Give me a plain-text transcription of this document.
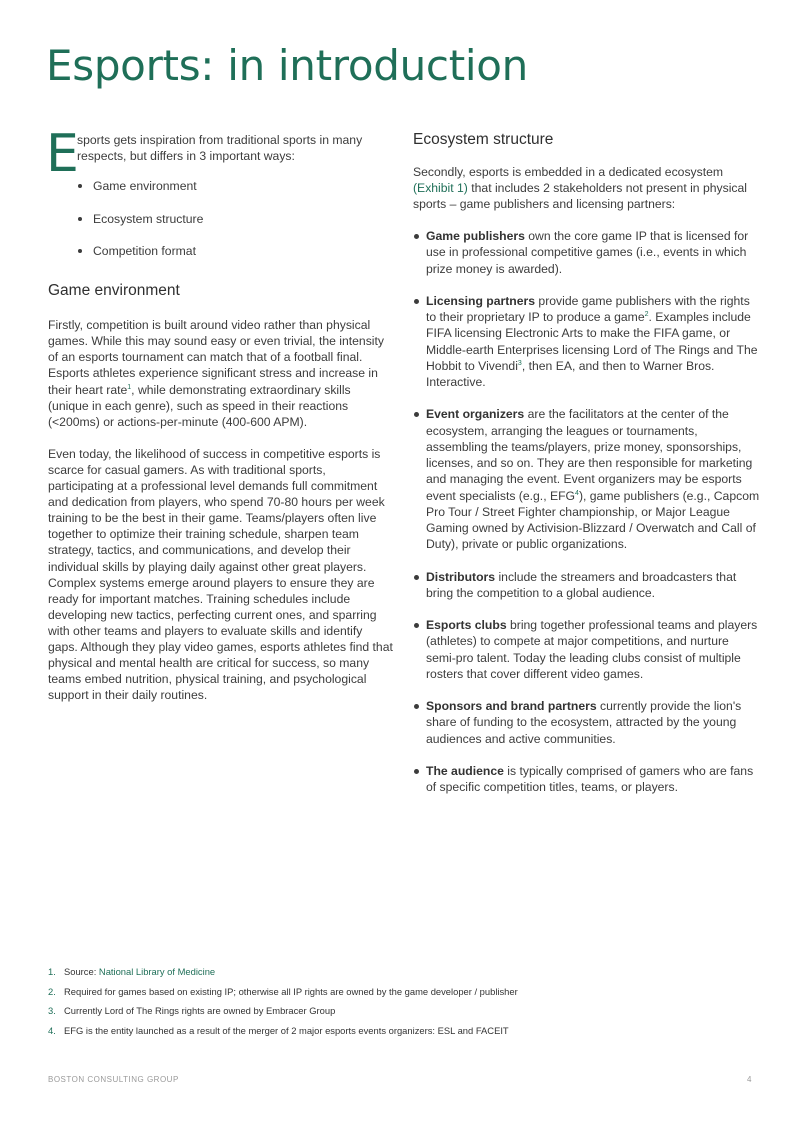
Esports: in introduction
E

sports gets inspiration from traditional sports in many respects, but differs in 3 important ways:

Game environment
Ecosystem structure
Competition format
Game environment

Firstly, competition is built around video rather than physical games. While this may sound easy or even trivial, the intensity of an esports tournament can match that of a football final. Esports athletes experience significant stress and increase in their heart rate$^1$, while demonstrating extraordinary skills (unique in each genre), such as speed in their reactions (<200ms) or actions-per-minute (400-600 APM).

Even today, the likelihood of success in competitive esports is scarce for casual gamers. As with traditional sports, participating at a professional level demands full commitment and dedication from players, who spend 70-80 hours per week training to be the best in their game. Teams/players often live together to optimize their training schedule, sharpen team strategy, tactics, and communications, and develop their individual skills by playing daily against other great players. Complex systems emerge around players to ensure they are ready for important matches. Training schedules include developing new tactics, perfecting current ones, and sparring with other teams and players to evaluate skills and identify gaps. Although they play video games, esports athletes find that physical and mental health are critical for success, so many teams embed nutrition, physical training, and psychological support in their daily routines.

Ecosystem structure

Secondly, esports is embedded in a dedicated ecosystem (Exhibit 1) that includes 2 stakeholders not present in physical sports – game publishers and licensing partners:

Game publishers own the core game IP that is licensed for use in professional competitive games (i.e., events in which prize money is awarded).
Licensing partners provide game publishers with the rights to their proprietary IP to produce a game$^2$. Examples include FIFA licensing Electronic Arts to make the FIFA game, or Middle-earth Enterprises licensing Lord of The Rings and The Hobbit to Vivendi$^3$, then EA, and then to Warner Bros. Interactive.
Event organizers are the facilitators at the center of the ecosystem, arranging the leagues or tournaments, assembling the teams/players, prize money, sponsorships, licenses, and so on. They are then responsible for marketing and managing the event. Event organizers may be esports event specialists (e.g., EFG$^4$), game publishers (e.g., Capcom Pro Tour / Street Fighter championship, or Major League Gaming owned by Activision-Blizzard / Overwatch and Call of Duty), private or public organizations.
Distributors include the streamers and broadcasters that bring the competition to a global audience.
Esports clubs bring together professional teams and players (athletes) to compete at major competitions, and nurture semi-pro talent. Today the leading clubs consist of multiple rosters that cover different video games.
Sponsors and brand partners currently provide the lion's share of funding to the ecosystem, attracted by the young audiences and active communities.
The audience is typically comprised of gamers who are fans of specific competition titles, teams, or players.
1. Source: National Library of Medicine
2. Required for games based on existing IP; otherwise all IP rights are owned by the game developer / publisher
3. Currently Lord of The Rings rights are owned by Embracer Group
4. EFG is the entity launched as a result of the merger of 2 major esports events organizers: ESL and FACEIT
BOSTON CONSULTING GROUP	4
